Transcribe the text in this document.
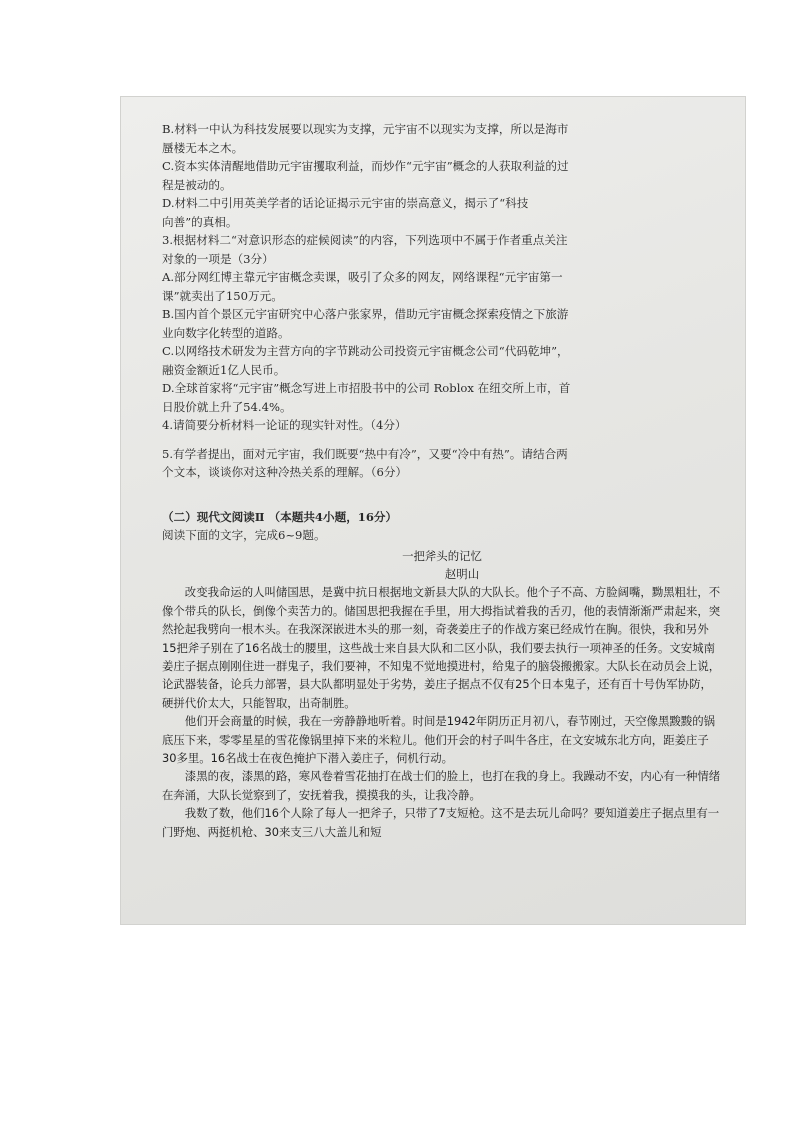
B.材料一中认为科技发展要以现实为支撑，元宇宙不以现实为支撑，所以是海市

蜃楼无本之木。

C.资本实体清醒地借助元宇宙攫取利益，而炒作“元宇宙”概念的人获取利益的过

程是被动的。

D.材料二中引用英美学者的话论证揭示元宇宙的崇高意义，揭示了“科技

向善”的真相。

3.根据材料二“对意识形态的症候阅读”的内容，下列选项中不属于作者重点关注

对象的一项是（3分）

A.部分网红博主靠元宇宙概念卖课，吸引了众多的网友，网络课程“元宇宙第一

课”就卖出了150万元。

B.国内首个景区元宇宙研究中心落户张家界，借助元宇宙概念探索疫情之下旅游

业向数字化转型的道路。

C.以网络技术研发为主营方向的字节跳动公司投资元宇宙概念公司“代码乾坤”，

融资金额近1亿人民币。

D.全球首家将“元宇宙”概念写进上市招股书中的公司 Roblox 在纽交所上市，首

日股价就上升了54.4%。

4.请简要分析材料一论证的现实针对性。（4分）

5.有学者提出，面对元宇宙，我们既要“热中有冷”，又要“冷中有热”。请结合两

个文本，谈谈你对这种冷热关系的理解。（6分）

（二）现代文阅读Ⅱ （本题共4小题，16分）

阅读下面的文字，完成6~9题。

一把斧头的记忆

赵明山

改变我命运的人叫储国思，是冀中抗日根据地文新县大队的大队长。他个子不高、方脸阔嘴，黝黑粗壮，不像个带兵的队长，倒像个卖苦力的。储国思把我握在手里，用大拇指试着我的舌刃，他的表情渐渐严肃起来，突然抡起我劈向一根木头。在我深深嵌进木头的那一刻，奇袭姜庄子的作战方案已经成竹在胸。很快，我和另外15把斧子别在了16名战士的腰里，这些战士来自县大队和二区小队，我们要去执行一项神圣的任务。文安城南姜庄子据点刚刚住进一群鬼子，我们要神，不知鬼不觉地摸进村，给鬼子的脑袋搬搬家。大队长在动员会上说，论武器装备，论兵力部署，县大队都明显处于劣势，姜庄子据点不仅有25个日本鬼子，还有百十号伪军协防，硬拼代价太大，只能智取，出奇制胜。

他们开会商量的时候，我在一旁静静地听着。时间是1942年阴历正月初八，春节刚过，天空像黑黢黢的锅底压下来，零零星星的雪花像锅里掉下来的米粒儿。他们开会的村子叫牛各庄，在文安城东北方向，距姜庄子30多里。16名战士在夜色掩护下潜入姜庄子，伺机行动。

漆黑的夜，漆黑的路，寒风卷着雪花抽打在战士们的脸上，也打在我的身上。我躁动不安，内心有一种情绪在奔涌，大队长觉察到了，安抚着我，摸摸我的头，让我冷静。

我数了数，他们16个人除了每人一把斧子，只带了7支短枪。这不是去玩儿命吗？要知道姜庄子据点里有一门野炮、两挺机枪、30来支三八大盖儿和短
